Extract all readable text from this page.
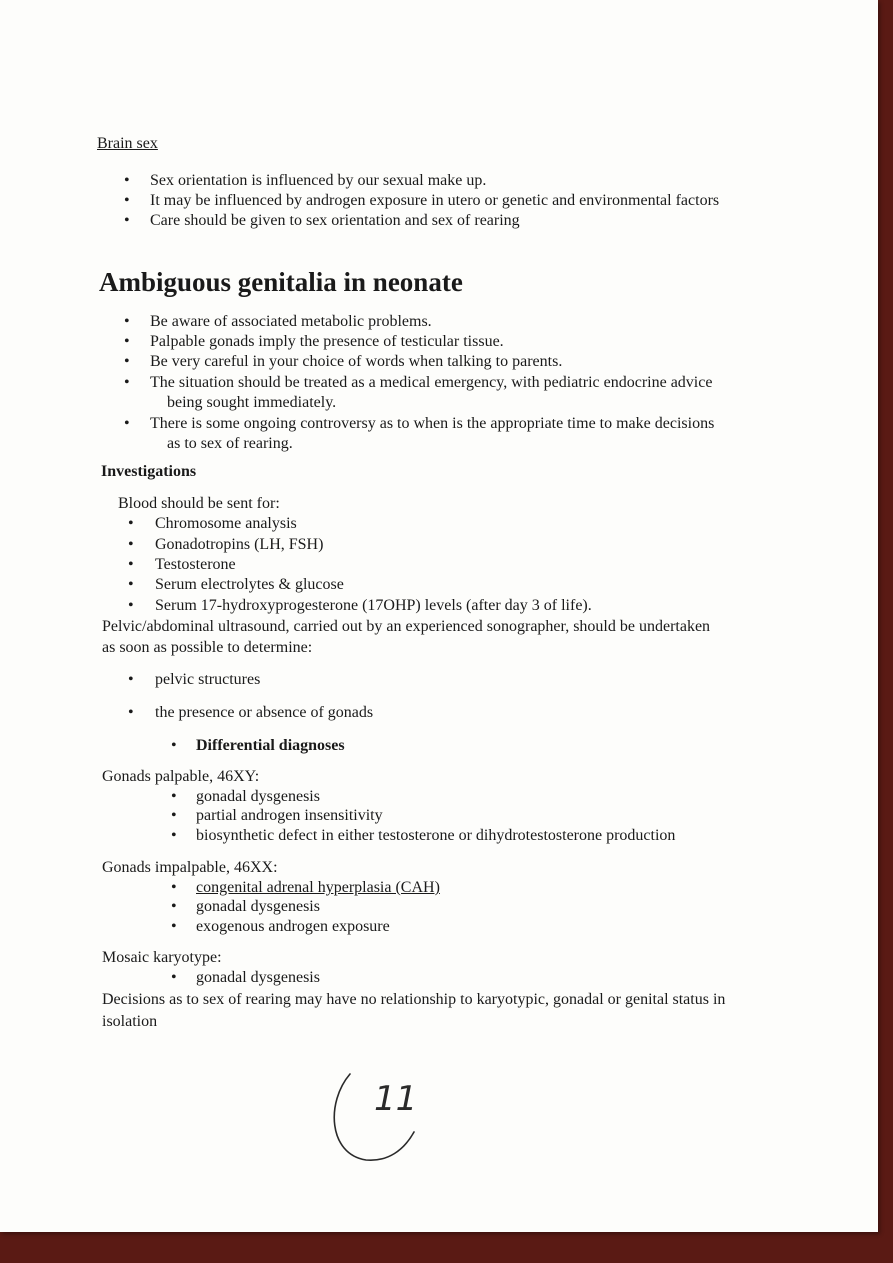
Brain sex
• Sex orientation is influenced by our sexual make up.
• It may be influenced by androgen exposure in utero or genetic and environmental factors
• Care should be given to sex orientation and sex of rearing
Ambiguous genitalia in neonate
• Be aware of associated metabolic problems.
• Palpable gonads imply the presence of testicular tissue.
• Be very careful in your choice of words when talking to parents.
• The situation should be treated as a medical emergency, with pediatric endocrine advice
being sought immediately.
• There is some ongoing controversy as to when is the appropriate time to make decisions
as to sex of rearing.
Investigations
Blood should be sent for:
• Chromosome analysis
• Gonadotropins (LH, FSH)
• Testosterone
• Serum electrolytes & glucose
• Serum 17-hydroxyprogesterone (17OHP) levels (after day 3 of life).
Pelvic/abdominal ultrasound, carried out by an experienced sonographer, should be undertaken
as soon as possible to determine:
• pelvic structures
• the presence or absence of gonads
• Differential diagnoses
Gonads palpable, 46XY:
• gonadal dysgenesis
• partial androgen insensitivity
• biosynthetic defect in either testosterone or dihydrotestosterone production
Gonads impalpable, 46XX:
• congenital adrenal hyperplasia (CAH)
• gonadal dysgenesis
• exogenous androgen exposure
Mosaic karyotype:
• gonadal dysgenesis
Decisions as to sex of rearing may have no relationship to karyotypic, gonadal or genital status in
isolation
11
